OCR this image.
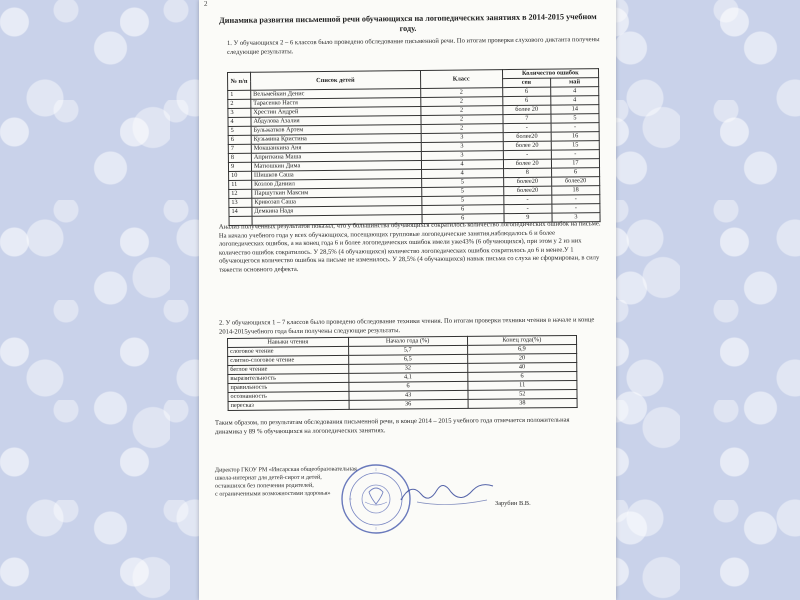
2
Динамика развития письменной речи обучающихся на логопедических занятиях в 2014-2015 учебном году.
1. У обучающихся 2 – 6 классов было проведено обследование письменной речи. По итогам проверки слухового диктанта получены следующие результаты.
№ п/п	Список детей	Класс	Количество ошибок	
			сен	май
1	Вельмейкин Денис	2	6	4
2	Тарасенко Настя	2	6	4
3	Хрестин Андрей	2	более 20	14
4	Абдулова Азалия	2	7	5
5	Бульжатков Артем	2	-	-
6	Кузьмина Кристина	3	более20	16
7	Мокшанкина Аня	3	более 20	15
8	Априткина Маша	3	-	-
9	Матюшкин Дима	4	более 20	17
10	Шишков Саша	4	8	6
11	Козлов Даниил	5	более20	более20
12	Паршуткин Максим	5	более20	18
13	Кривозап Саша	5	-	-
14	Демкина Надя	6	-	-
		6	9	3
Анализ полученных результатов показал, что у большинства обучающихся сократилось количество логопедических ошибок на письме. На начало учебного года у всех обучающихся, посещающих групповые логопедические занятия,наблюдалось 6 и более логопедических ошибок, а на конец года 6 и более логопедических ошибок имели уже43% (6 обучающихся), при этом у 2 из них количество ошибок сократилось. У 28,5% (4 обучающихся) количество логопедических ошибок сократилось до 6 и менее.У 1 обучающегося количество ошибок на письме не изменилось. У 28,5% (4 обучающихся) навык письма со слуха не сформирован, в силу тяжести основного дефекта.
2. У обучающихся 1 – 7 классов было проведено обследование техники чтения. По итогам проверки техники чтения в начале и конце 2014-2015учебного года были получены следующие результаты.
Навыки чтения	Начало года (%)	Конец года(%)
слоговое чтение	5,7	6,9
слитно-слоговое чтение	6,5	20
беглое чтение	32	40
выразительность	4,1	6
правильность	6	11
осознанность	43	52
пересказ	36	38
Таким образом, по результатам обследования письменной речи, в конце 2014 – 2015 учебного года отмечается положительная динамика у 89 % обучающихся на логопедических занятиях.
Директор ГКОУ РМ «Инсарская общеобразовательная
школа-интернат для детей-сирот и детей,
оставшихся без попечения родителей,
с ограниченными возможностями здоровья»
Зарубин В.В.
